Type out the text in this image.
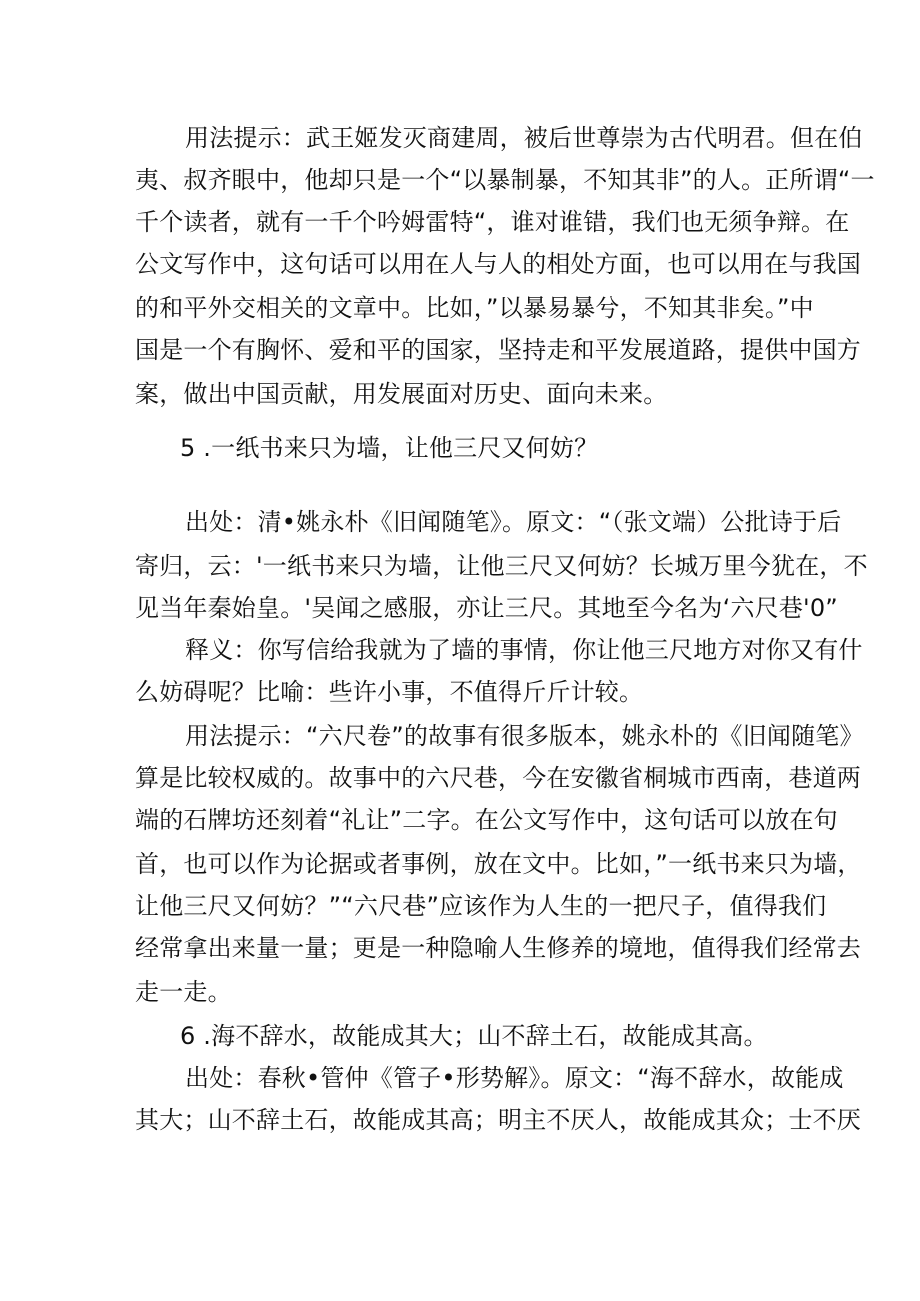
用法提示：武王姬发灭商建周，被后世尊崇为古代明君。但在伯
夷、叔齐眼中，他却只是一个“以暴制暴，不知其非”的人。正所谓“一
千个读者，就有一千个吟姆雷特“，谁对谁错，我们也无须争辩。在
公文写作中，这句话可以用在人与人的相处方面，也可以用在与我国
的和平外交相关的文章中。比如，”以暴易暴兮，不知其非矣。”中
国是一个有胸怀、爱和平的国家，坚持走和平发展道路，提供中国方
案，做出中国贡献，用发展面对历史、面向未来。
5 .一纸书来只为墙，让他三尺又何妨？
出处：清•姚永朴《旧闻随笔》。原文：“（张文端）公批诗于后
寄归，云：'一纸书来只为墙，让他三尺又何妨？长城万里今犹在，不
见当年秦始皇。'吴闻之感服，亦让三尺。其地至今名为‘六尺巷'0”
释义：你写信给我就为了墙的事情，你让他三尺地方对你又有什
么妨碍呢？比喻：些许小事，不值得斤斤计较。
用法提示：“六尺卷”的故事有很多版本，姚永朴的《旧闻随笔》
算是比较权威的。故事中的六尺巷，今在安徽省桐城市西南，巷道两
端的石牌坊还刻着“礼让”二字。在公文写作中，这句话可以放在句
首，也可以作为论据或者事例，放在文中。比如，”一纸书来只为墙，
让他三尺又何妨？”“六尺巷”应该作为人生的一把尺子，值得我们
经常拿出来量一量；更是一种隐喻人生修养的境地，值得我们经常去
走一走。
6 .海不辞水，故能成其大；山不辞土石，故能成其高。
出处：春秋•管仲《管子•形势解》。原文：“海不辞水，故能成
其大；山不辞土石，故能成其高；明主不厌人，故能成其众；士不厌
